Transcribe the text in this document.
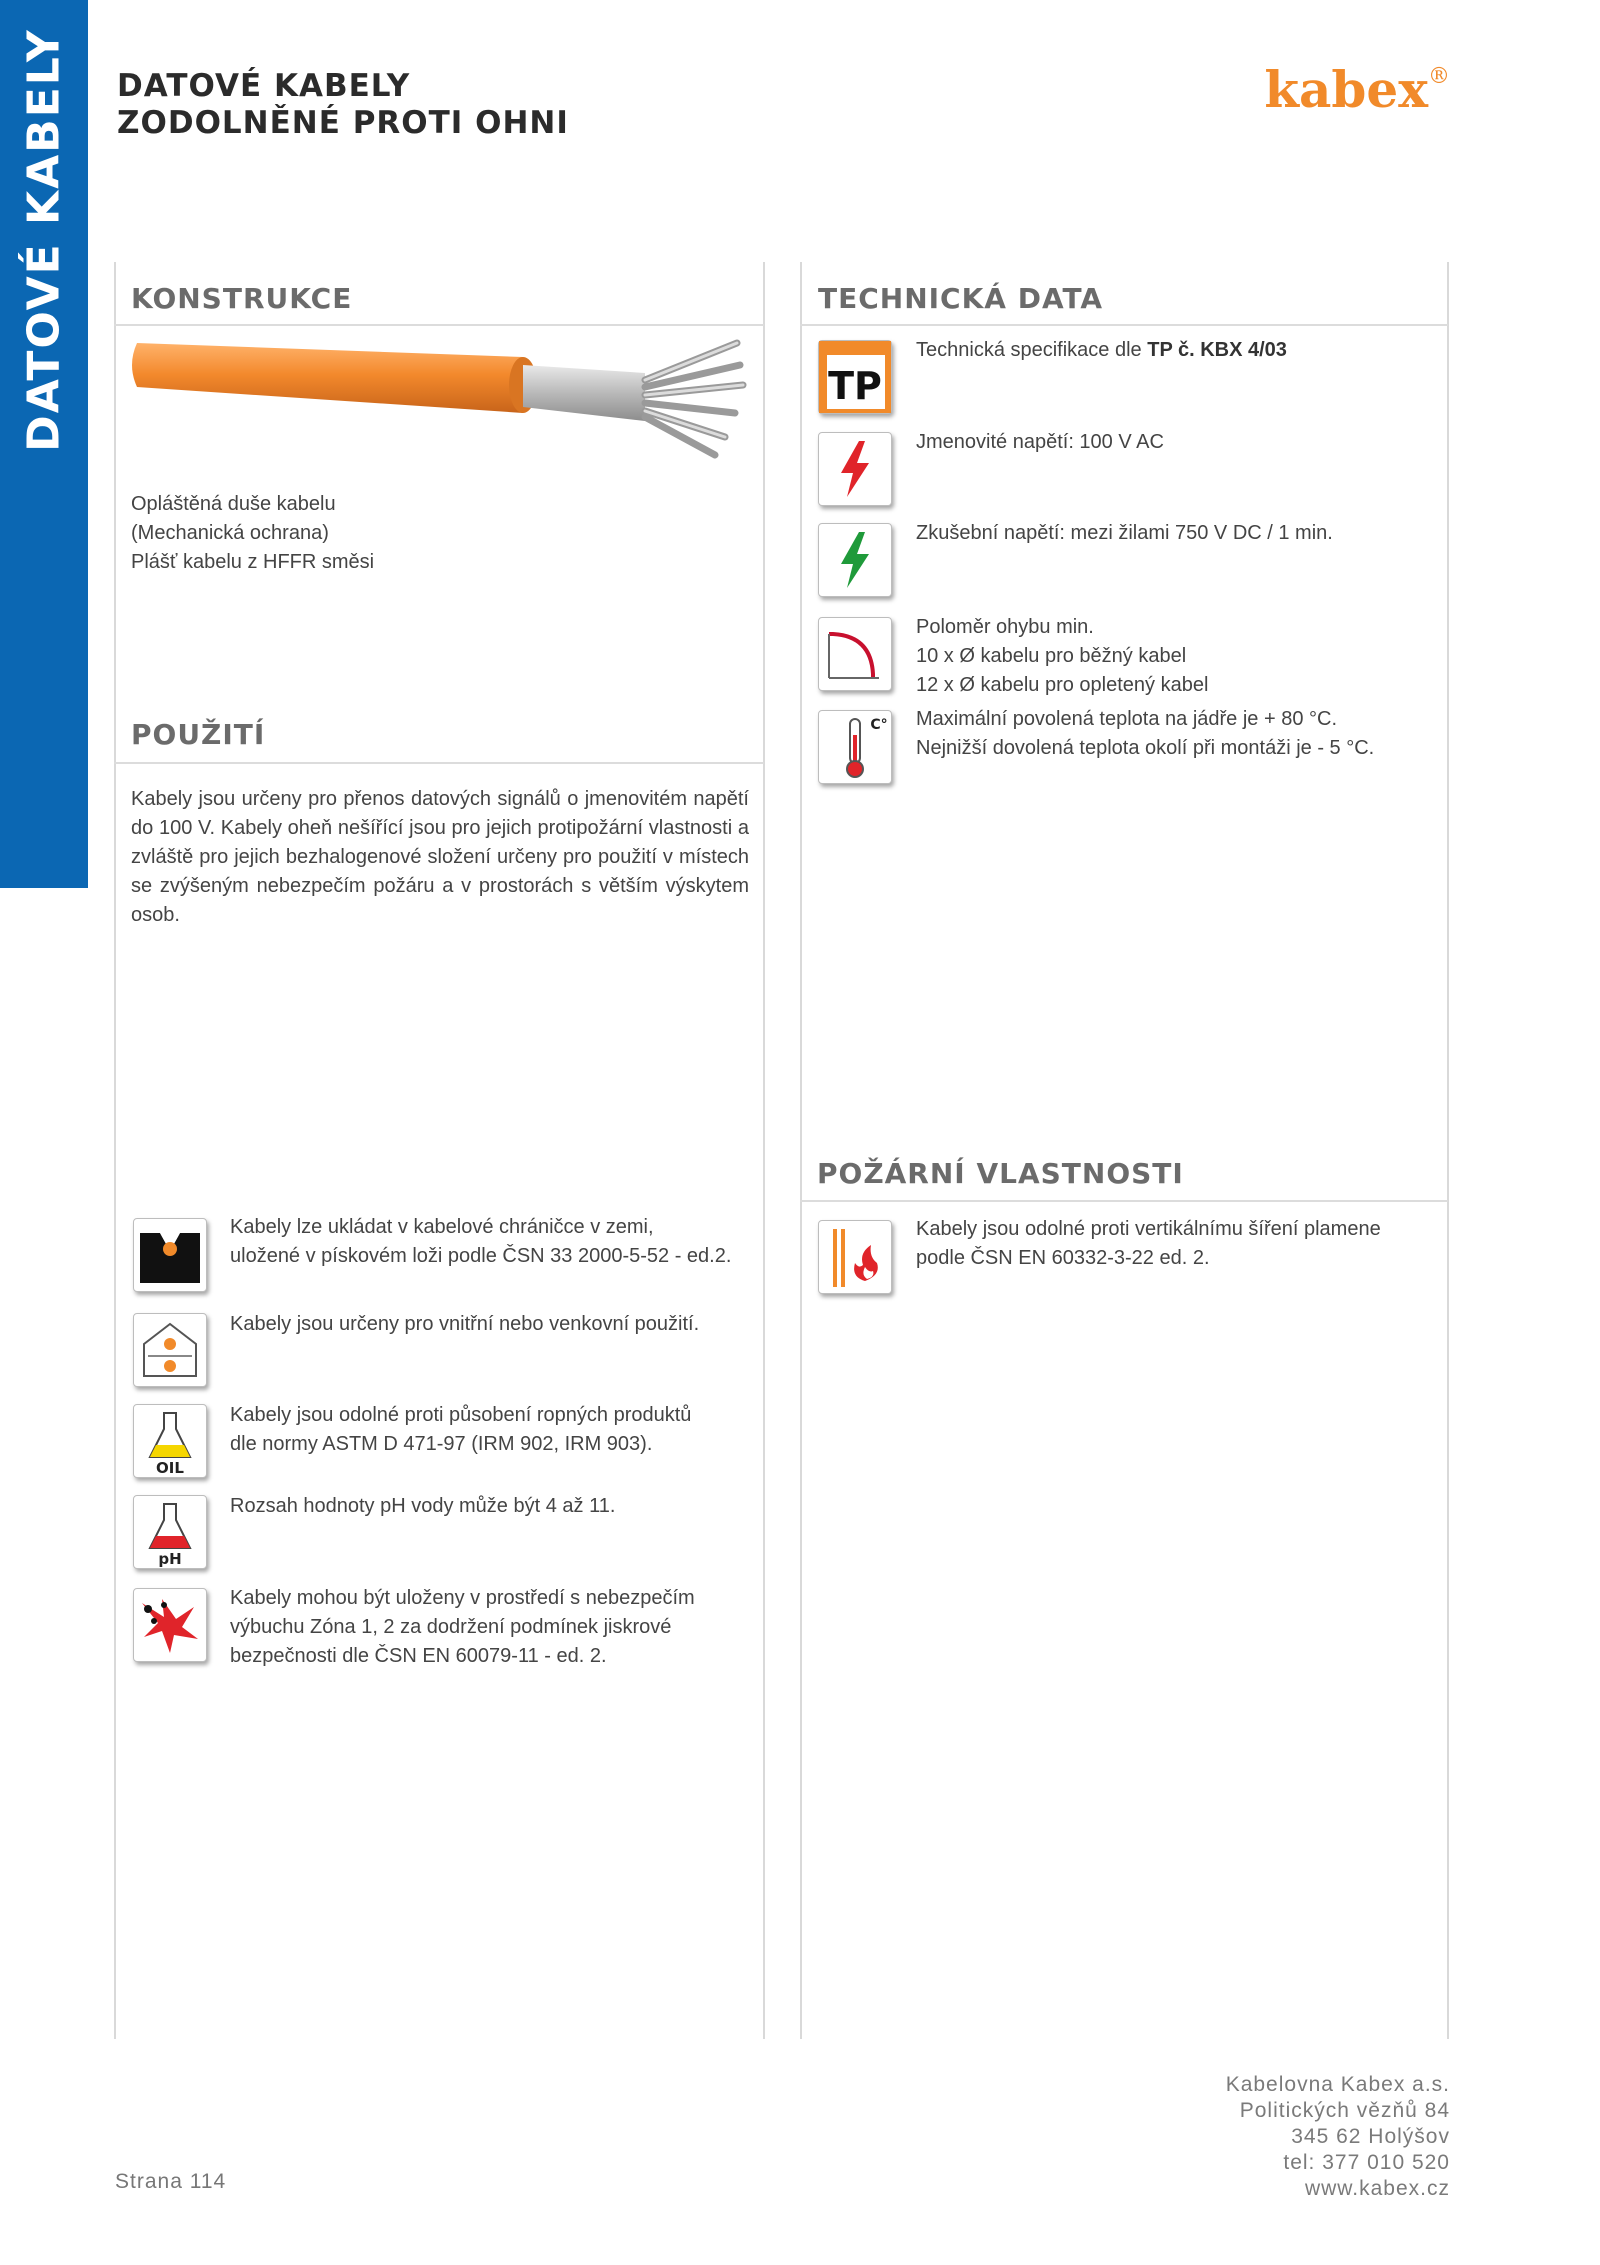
DATOVÉ KABELY DATOVÉ KABELY
ZODOLNĚNÉ PROTI OHNI
kabex®
KONSTRUKCE
Opláštěná duše kabelu
(Mechanická ochrana)
Plášť kabelu z HFFR směsi
POUŽITÍ
Kabely jsou určeny pro přenos datových signálů o jmenovitém napětí do 100 V. Kabely oheň nešířící jsou pro jejich protipožární vlastnosti a zvláště pro jejich bezhalogenové složení určeny pro použití v místech se zvýšeným nebezpečím požáru a v prostorách s větším výskytem osob.
Kabely lze ukládat v kabelové chráničce v zemi,
uložené v pískovém loži podle ČSN 33 2000-5-52 - ed.2.
Kabely jsou určeny pro vnitřní nebo venkovní použití.
OIL
Kabely jsou odolné proti působení ropných produktů
dle normy ASTM D 471-97 (IRM 902, IRM 903).
pH
Rozsah hodnoty pH vody může být 4 až 11.
Kabely mohou být uloženy v prostředí s nebezpečím
výbuchu Zóna 1, 2 za dodržení podmínek jiskrové
bezpečnosti dle ČSN EN 60079-11 - ed. 2.
TECHNICKÁ DATA
TP
Technická specifikace dle TP č. KBX 4/03
Jmenovité napětí: 100 V AC
Zkušební napětí: mezi žilami 750 V DC / 1 min.
Poloměr ohybu min.
10 x Ø kabelu pro běžný kabel
12 x Ø kabelu pro opletený kabel
C° Maximální povolená teplota na jádře je + 80 °C.
Nejnižší dovolená teplota okolí při montáži je - 5 °C.
POŽÁRNÍ VLASTNOSTI
Kabely jsou odolné proti vertikálnímu šíření plamene
podle ČSN EN 60332-3-22 ed. 2.
Strana 114
Kabelovna Kabex a.s.
Politických vězňů 84
345 62 Holýšov
tel: 377 010 520
www.kabex.cz
